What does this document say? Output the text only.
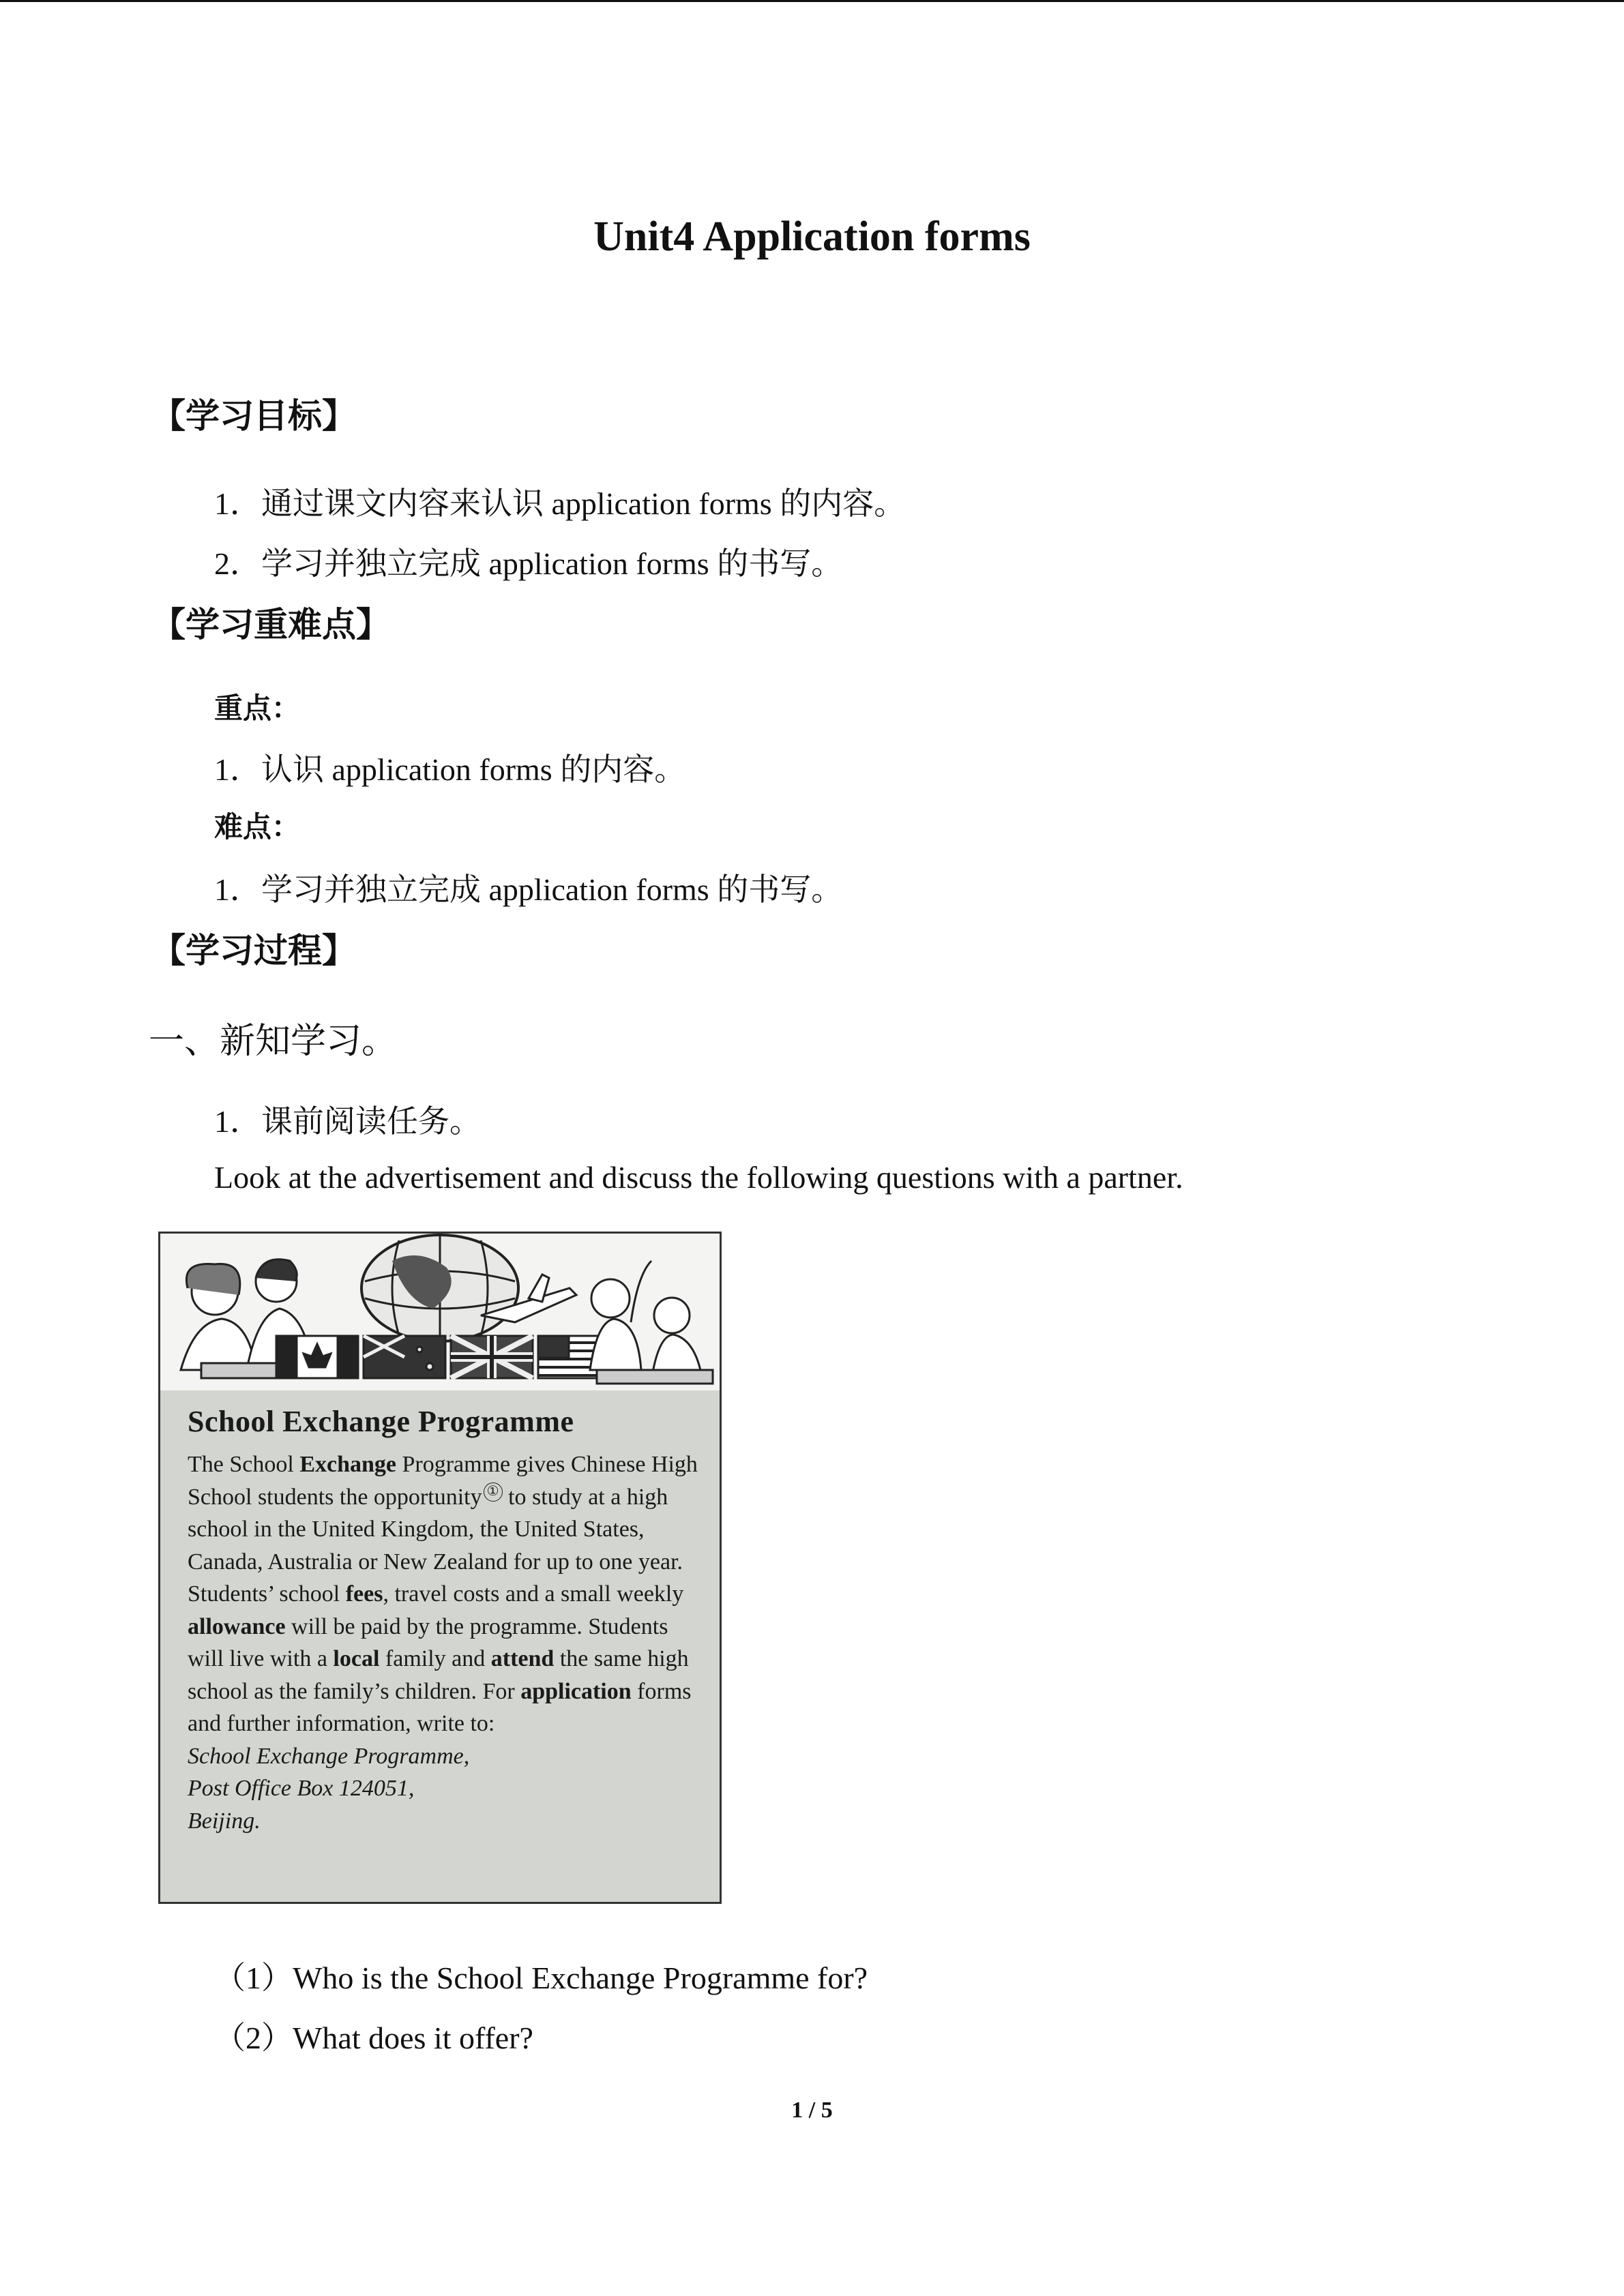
Unit4 Application forms
【学习目标】
1．通过课文内容来认识 application forms 的内容。
2．学习并独立完成 application forms 的书写。
【学习重难点】
重点：
1．认识 application forms 的内容。
难点：
1．学习并独立完成 application forms 的书写。
【学习过程】
一、新知学习。
1．课前阅读任务。
Look at the advertisement and discuss the following questions with a partner.
School Exchange Programme
The School Exchange Programme gives Chinese High School students the opportunity ① to study at a high school in the United Kingdom, the United States, Canada, Australia or New Zealand for up to one year. Students’ school fees, travel costs and a small weekly allowance will be paid by the programme. Students will live with a local family and attend the same high school as the family’s children. For application forms and further information, write to:
School Exchange Programme,
Post Office Box 124051,
Beijing.
（1）Who is the School Exchange Programme for?
（2）What does it offer?
1 / 5
